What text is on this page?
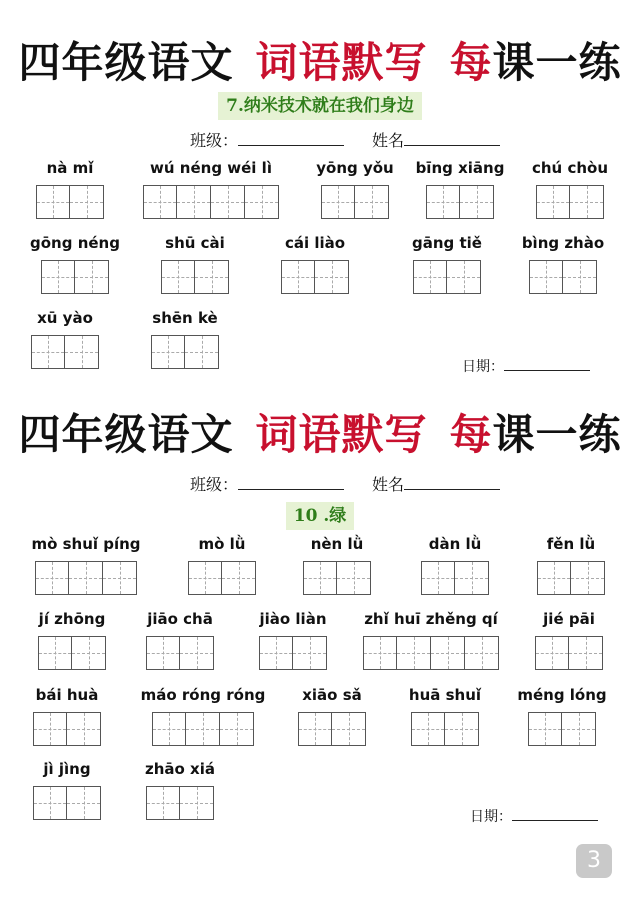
四年级语文 词语默写 每课一练
7.纳米技术就在我们身边
班级：	姓名
nà mǐ	wú néng wéi lì	yōng yǒu	bīng xiāng	chú chòu
gōng néng	shū cài	cái liào	gāng tiě	bìng zhào
xū yào	shēn kè
日期：
四年级语文 词语默写 每课一练
班级：	姓名
10 .绿
mò shuǐ píng	mò lǜ	nèn lǜ	dàn lǜ	fěn lǜ
jí zhōng	jiāo chā	jiào liàn	zhǐ huī zhěng qí	jié pāi
bái huà	máo róng róng	xiāo sǎ	huā shuǐ	méng lóng
jì jìng	zhāo xiá
日期：
3
